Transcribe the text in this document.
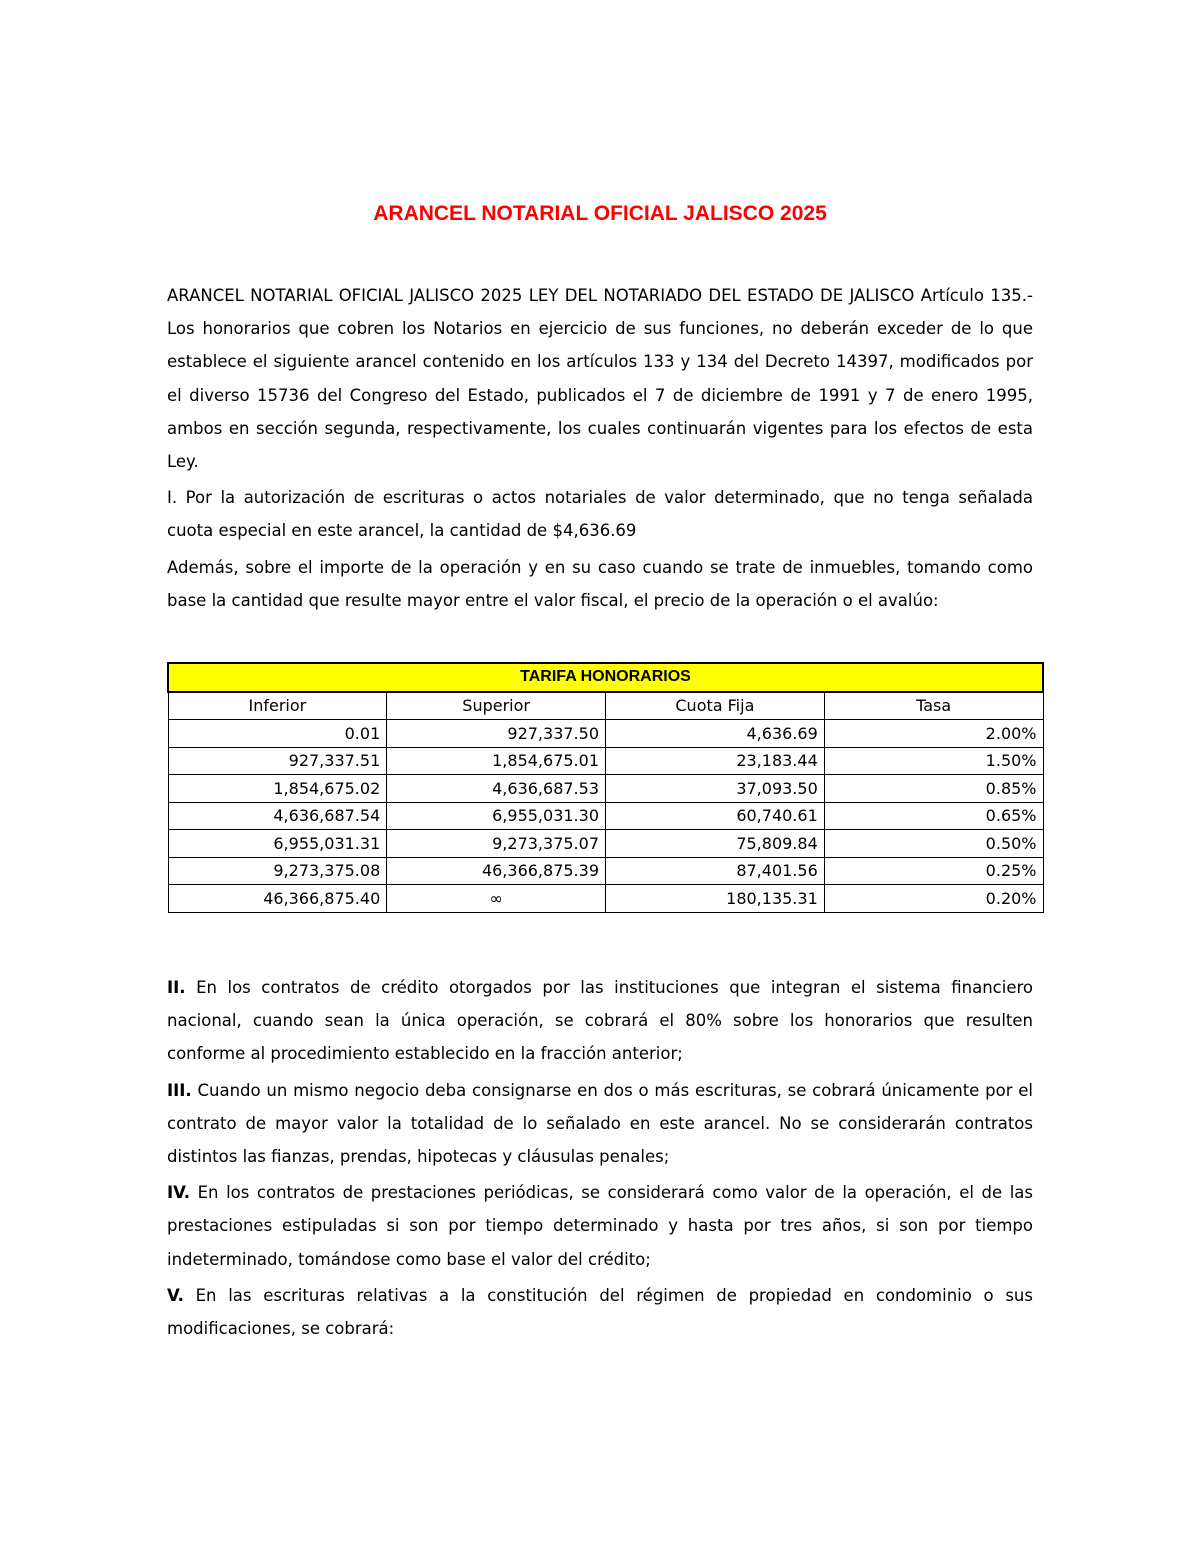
ARANCEL NOTARIAL OFICIAL JALISCO 2025

ARANCEL NOTARIAL OFICIAL JALISCO 2025 LEY DEL NOTARIADO DEL ESTADO DE JALISCO Artículo 135.- Los honorarios que cobren los Notarios en ejercicio de sus funciones, no deberán exceder de lo que establece el siguiente arancel contenido en los artículos 133 y 134 del Decreto 14397, modificados por el diverso 15736 del Congreso del Estado, publicados el 7 de diciembre de 1991 y 7 de enero 1995, ambos en sección segunda, respectivamente, los cuales continuarán vigentes para los efectos de esta Ley.

I. Por la autorización de escrituras o actos notariales de valor determinado, que no tenga señalada cuota especial en este arancel, la cantidad de $4,636.69

Además, sobre el importe de la operación y en su caso cuando se trate de inmuebles, tomando como base la cantidad que resulte mayor entre el valor fiscal, el precio de la operación o el avalúo:

TARIFA HONORARIOS			
Inferior	Superior	Cuota Fija	Tasa
0.01	927,337.50	4,636.69	2.00%
927,337.51	1,854,675.01	23,183.44	1.50%
1,854,675.02	4,636,687.53	37,093.50	0.85%
4,636,687.54	6,955,031.30	60,740.61	0.65%
6,955,031.31	9,273,375.07	75,809.84	0.50%
9,273,375.08	46,366,875.39	87,401.56	0.25%
46,366,875.40	∞	180,135.31	0.20%

II. En los contratos de crédito otorgados por las instituciones que integran el sistema financiero nacional, cuando sean la única operación, se cobrará el 80% sobre los honorarios que resulten conforme al procedimiento establecido en la fracción anterior;

III. Cuando un mismo negocio deba consignarse en dos o más escrituras, se cobrará únicamente por el contrato de mayor valor la totalidad de lo señalado en este arancel. No se considerarán contratos distintos las fianzas, prendas, hipotecas y cláusulas penales;

IV. En los contratos de prestaciones periódicas, se considerará como valor de la operación, el de las prestaciones estipuladas si son por tiempo determinado y hasta por tres años, si son por tiempo indeterminado, tomándose como base el valor del crédito;

V. En las escrituras relativas a la constitución del régimen de propiedad en condominio o sus modificaciones, se cobrará:
